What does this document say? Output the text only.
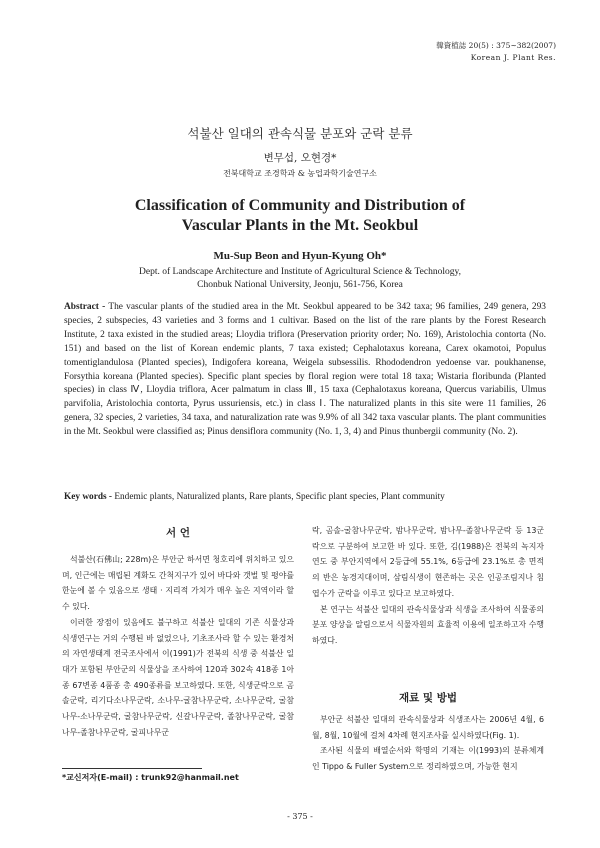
韓資植誌 20(5) : 375~382(2007)
Korean J. Plant Res.
석불산 일대의 관속식물 분포와 군락 분류
변무섭, 오현경*
전북대학교 조경학과 & 농업과학기술연구소
Classification of Community and Distribution of
Vascular Plants in the Mt. Seokbul
Mu-Sup Beon and Hyun-Kyung Oh*
Dept. of Landscape Architecture and Institute of Agricultural Science & Technology,
Chonbuk National University, Jeonju, 561-756, Korea
Abstract - The vascular plants of the studied area in the Mt. Seokbul appeared to be 342 taxa; 96 families, 249 genera, 293 species, 2 subspecies, 43 varieties and 3 forms and 1 cultivar. Based on the list of the rare plants by the Forest Research Institute, 2 taxa existed in the studied areas; Lloydia triflora (Preservation priority order; No. 169), Aristolochia contorta (No. 151) and based on the list of Korean endemic plants, 7 taxa existed; Cephalotaxus koreana, Carex okamotoi, Populus tomentiglandulosa (Planted species), Indigofera koreana, Weigela subsessilis. Rhododendron yedoense var. poukhanense, Forsythia koreana (Planted species). Specific plant species by floral region were total 18 taxa; Wistaria floribunda (Planted species) in class Ⅳ, Lloydia triflora, Acer palmatum in class Ⅲ, 15 taxa (Cephalotaxus koreana, Quercus variabilis, Ulmus parvifolia, Aristolochia contorta, Pyrus ussuriensis, etc.) in class Ⅰ. The naturalized plants in this site were 11 families, 26 genera, 32 species, 2 varieties, 34 taxa, and naturalization rate was 9.9% of all 342 taxa vascular plants. The plant communities in the Mt. Seokbul were classified as; Pinus densiflora community (No. 1, 3, 4) and Pinus thunbergii community (No. 2).
Key words - Endemic plants, Naturalized plants, Rare plants, Specific plant species, Plant community
서 언

석불산(石佛山; 228m)은 부안군 하서면 청호리에 위치하고 있으며, 인근에는 매립된 계화도 간척지구가 있어 바다와 갯벌 및 평야를 한눈에 볼 수 있음으로 생태 · 지리적 가치가 매우 높은 지역이라 할 수 있다.

이러한 장점이 있음에도 불구하고 석불산 일대의 기존 식물상과 식생연구는 거의 수행된 바 없었으나, 기초조사라 할 수 있는 환경처의 자연생태계 전국조사에서 이(1991)가 전북의 식생 중 석불산 일대가 포함된 부안군의 식물상을 조사하여 120과 302속 418종 1아종 67변종 4품종 총 490종류를 보고하였다. 또한, 식생군락으로 곰솔군락, 리기다소나무군락, 소나무-굴참나무군락, 소나무군락, 굴참나무-소나무군락, 굴참나무군락, 신갈나무군락, 졸참나무군락, 굴참나무-졸참나무군락, 굴피나무군

락, 곰솔-굴참나무군락, 밤나무군락, 밤나무-졸참나무군락 등 13군락으로 구분하여 보고한 바 있다. 또한, 김(1988)은 전북의 녹지자연도 중 부안지역에서 2등급에 55.1%, 6등급에 23.1%로 총 면적의 반은 농경지대이며, 삼림식생이 현존하는 곳은 인공조림지나 침엽수가 군락을 이루고 있다고 보고하였다.

본 연구는 석불산 일대의 관속식물상과 식생을 조사하여 식물종의 분포 양상을 알림으로서 식물자원의 효율적 이용에 일조하고자 수행하였다.

재료 및 방법

부안군 석불산 일대의 관속식물상과 식생조사는 2006년 4월, 6월, 8월, 10월에 걸쳐 4차례 현지조사를 실시하였다(Fig. 1).

조사된 식물의 배열순서와 학명의 기재는 이(1993)의 분류체계인 Tippo & Fuller System으로 정리하였으며, 가능한 현지

*교신저자(E-mail) : trunk92@hanmail.net
- 375 -
